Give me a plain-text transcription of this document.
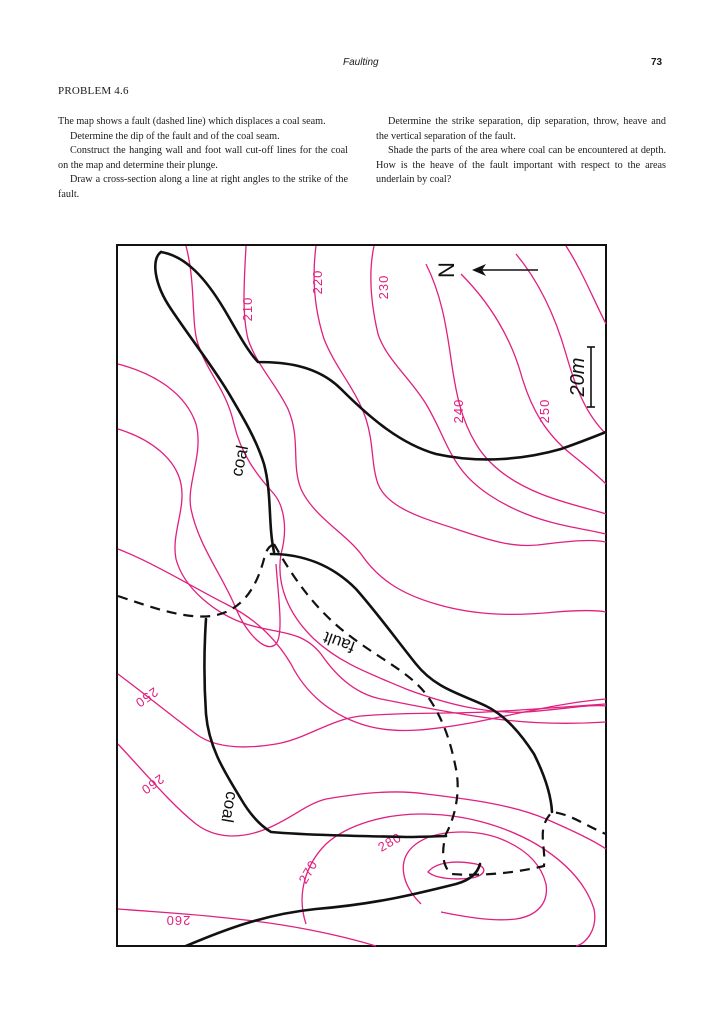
Faulting	73
PROBLEM 4.6

The map shows a fault (dashed line) which displaces a coal seam.

Determine the dip of the fault and of the coal seam.

Construct the hanging wall and foot wall cut-off lines for the coal on the map and determine their plunge.

Draw a cross-section along a line at right angles to the strike of the fault.

Determine the strike separation, dip separation, throw, heave and the vertical separation of the fault.

Shade the parts of the area where coal can be encountered at depth. How is the heave of the fault important with respect to the areas underlain by coal?

210
220	230
240	250
250
260
270
280
260
coal
coal
fault
N
20m
